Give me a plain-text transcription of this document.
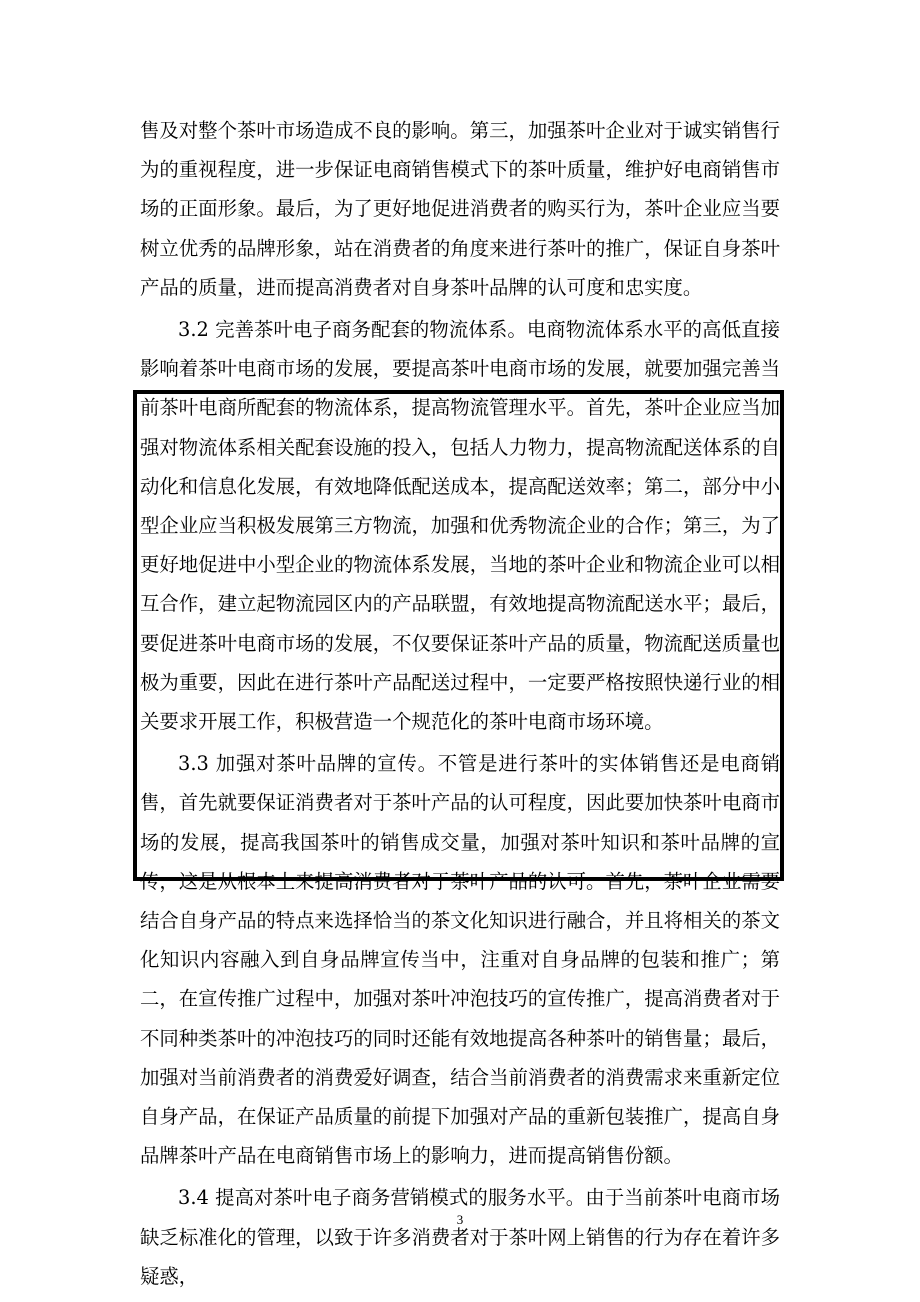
售及对整个茶叶市场造成不良的影响。第三，加强茶叶企业对于诚实销售行为的重视程度，进一步保证电商销售模式下的茶叶质量，维护好电商销售市场的正面形象。最后，为了更好地促进消费者的购买行为，茶叶企业应当要树立优秀的品牌形象，站在消费者的角度来进行茶叶的推广，保证自身茶叶产品的质量，进而提高消费者对自身茶叶品牌的认可度和忠实度。

3.2 完善茶叶电子商务配套的物流体系。电商物流体系水平的高低直接影响着茶叶电商市场的发展，要提高茶叶电商市场的发展，就要加强完善当前茶叶电商所配套的物流体系，提高物流管理水平。首先，茶叶企业应当加强对物流体系相关配套设施的投入，包括人力物力，提高物流配送体系的自动化和信息化发展，有效地降低配送成本，提高配送效率；第二，部分中小型企业应当积极发展第三方物流，加强和优秀物流企业的合作；第三，为了更好地促进中小型企业的物流体系发展，当地的茶叶企业和物流企业可以相互合作，建立起物流园区内的产品联盟，有效地提高物流配送水平；最后，要促进茶叶电商市场的发展，不仅要保证茶叶产品的质量，物流配送质量也极为重要，因此在进行茶叶产品配送过程中，一定要严格按照快递行业的相关要求开展工作，积极营造一个规范化的茶叶电商市场环境。

3.3 加强对茶叶品牌的宣传。不管是进行茶叶的实体销售还是电商销售，首先就要保证消费者对于茶叶产品的认可程度，因此要加快茶叶电商市场的发展，提高我国茶叶的销售成交量，加强对茶叶知识和茶叶品牌的宣传，这是从根本上来提高消费者对于茶叶产品的认可。首先，茶叶企业需要结合自身产品的特点来选择恰当的茶文化知识进行融合，并且将相关的茶文化知识内容融入到自身品牌宣传当中，注重对自身品牌的包装和推广；第二，在宣传推广过程中，加强对茶叶冲泡技巧的宣传推广，提高消费者对于不同种类茶叶的冲泡技巧的同时还能有效地提高各种茶叶的销售量；最后，加强对当前消费者的消费爱好调查，结合当前消费者的消费需求来重新定位自身产品，在保证产品质量的前提下加强对产品的重新包装推广，提高自身品牌茶叶产品在电商销售市场上的影响力，进而提高销售份额。

3.4 提高对茶叶电子商务营销模式的服务水平。由于当前茶叶电商市场缺乏标准化的管理，以致于许多消费者对于茶叶网上销售的行为存在着许多疑惑，

3
